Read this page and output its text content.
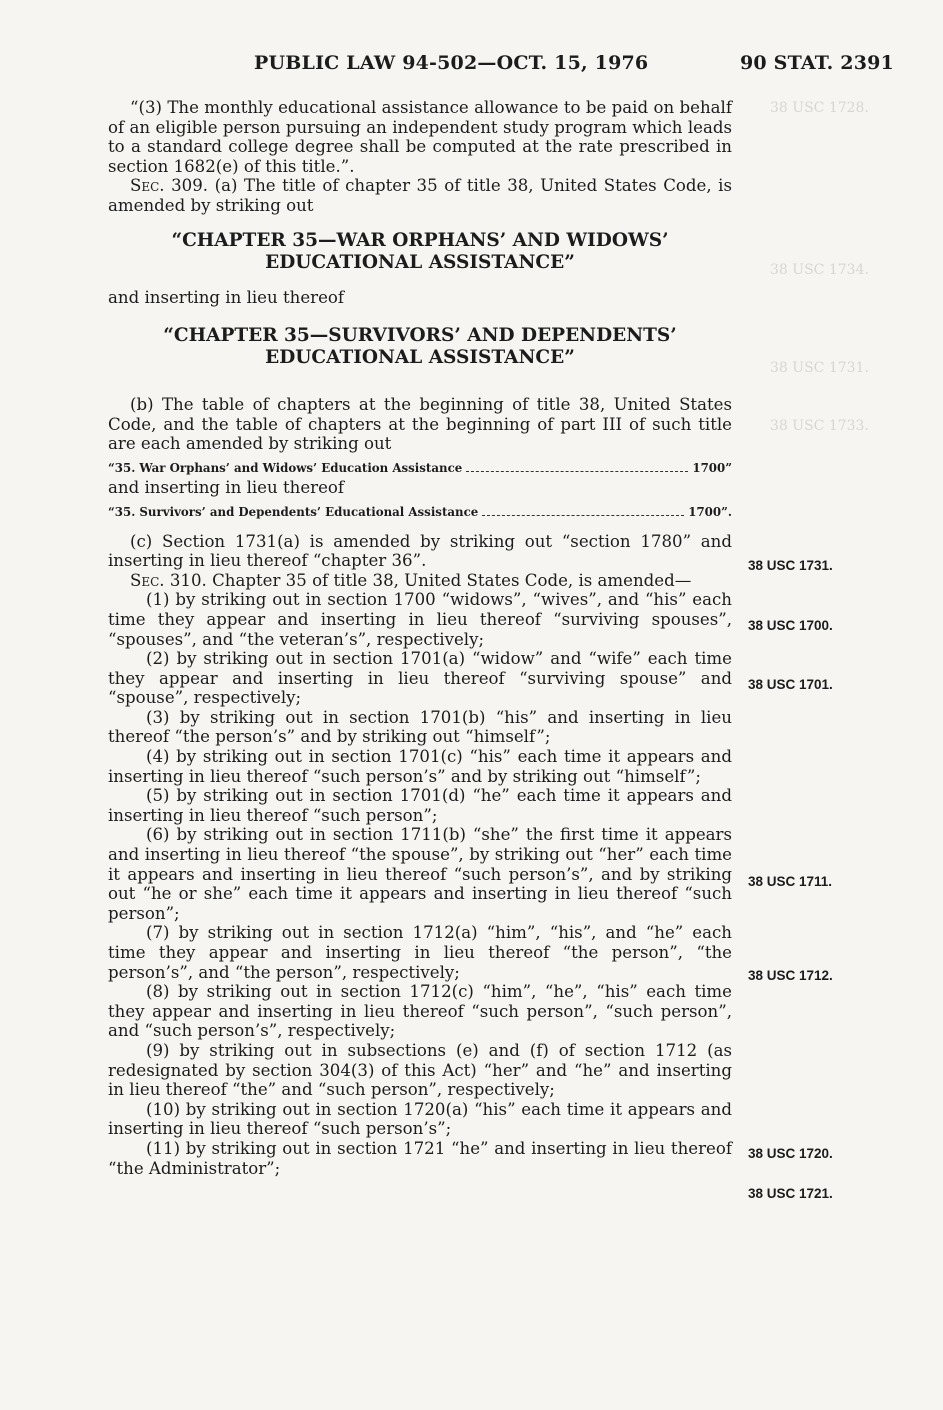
38 USC 1728.
38 USC 1734.
38 USC 1731.
38 USC 1733.
PUBLIC LAW 94-502—OCT. 15, 1976	90 STAT. 2391

“(3) The monthly educational assistance allowance to be paid on behalf of an eligible person pursuing an independent study program which leads to a standard college degree shall be computed at the rate prescribed in section 1682(e) of this title.”.

Sec. 309. (a) The title of chapter 35 of title 38, United States Code, is amended by striking out

“CHAPTER 35—WAR ORPHANS’ AND WIDOWS’
EDUCATIONAL ASSISTANCE”

and inserting in lieu thereof

“CHAPTER 35—SURVIVORS’ AND DEPENDENTS’
EDUCATIONAL ASSISTANCE”

(b) The table of chapters at the beginning of title 38, United States Code, and the table of chapters at the beginning of part III of such title are each amended by striking out

“35. War Orphans’ and Widows’ Education Assistance	1700”

and inserting in lieu thereof

“35. Survivors’ and Dependents’ Educational Assistance	1700”.

(c) Section 1731(a) is amended by striking out “section 1780” and inserting in lieu thereof “chapter 36”.

Sec. 310. Chapter 35 of title 38, United States Code, is amended—

(1) by striking out in section 1700 “widows”, “wives”, and “his” each time they appear and inserting in lieu thereof “surviving spouses”, “spouses”, and “the veteran’s”, respectively;

(2) by striking out in section 1701(a) “widow” and “wife” each time they appear and inserting in lieu thereof “surviving spouse” and “spouse”, respectively;

(3) by striking out in section 1701(b) “his” and inserting in lieu thereof “the person’s” and by striking out “himself”;

(4) by striking out in section 1701(c) “his” each time it appears and inserting in lieu thereof “such person’s” and by striking out “himself”;

(5) by striking out in section 1701(d) “he” each time it appears and inserting in lieu thereof “such person”;

(6) by striking out in section 1711(b) “she” the first time it appears and inserting in lieu thereof “the spouse”, by striking out “her” each time it appears and inserting in lieu thereof “such person’s”, and by striking out “he or she” each time it appears and inserting in lieu thereof “such person”;

(7) by striking out in section 1712(a) “him”, “his”, and “he” each time they appear and inserting in lieu thereof “the person”, “the person’s”, and “the person”, respectively;

(8) by striking out in section 1712(c) “him”, “he”, “his” each time they appear and inserting in lieu thereof “such person”, “such person”, and “such person’s”, respectively;

(9) by striking out in subsections (e) and (f) of section 1712 (as redesignated by section 304(3) of this Act) “her” and “he” and inserting in lieu thereof “the” and “such person”, respectively;

(10) by striking out in section 1720(a) “his” each time it appears and inserting in lieu thereof “such person’s”;

(11) by striking out in section 1721 “he” and inserting in lieu thereof “the Administrator”;

38 USC 1731.
38 USC 1700.
38 USC 1701.
38 USC 1711.
38 USC 1712.
38 USC 1720.
38 USC 1721.
